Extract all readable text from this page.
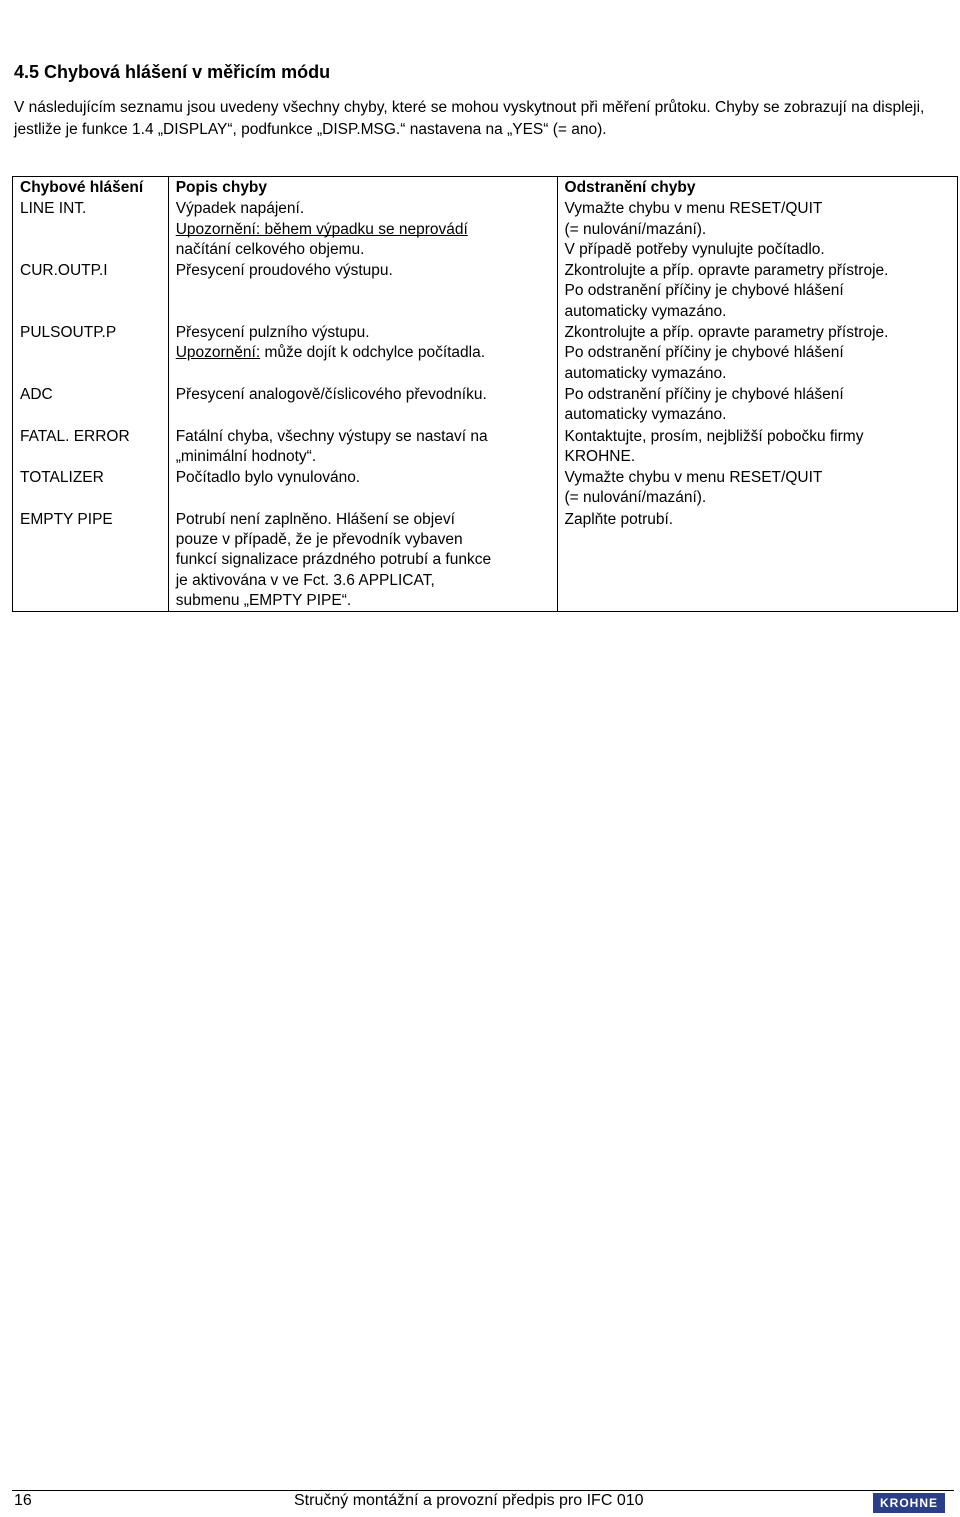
4.5 Chybová hlášení v měřicím módu

V následujícím seznamu jsou uvedeny všechny chyby, které se mohou vyskytnout při měření průtoku. Chyby se zobrazují na displeji, jestliže je funkce 1.4 „DISPLAY“, podfunkce „DISP.MSG.“ nastavena na „YES“ (= ano).

Chybové hlášení	Popis chyby	Odstranění chyby
LINE INT.	Výpadek napájení.
Upozornění: během výpadku se neprovádí
načítání celkového objemu.	Vymažte chybu v menu RESET/QUIT
(= nulování/mazání).
V případě potřeby vynulujte počítadlo.

CUR.OUTP.I	Přesycení proudového výstupu.	Zkontrolujte a příp. opravte parametry přístroje.
Po odstranění příčiny je chybové hlášení
automaticky vymazáno.

PULSOUTP.P	Přesycení pulzního výstupu.
Upozornění: může dojít k odchylce počítadla.	Zkontrolujte a příp. opravte parametry přístroje.
Po odstranění příčiny je chybové hlášení
automaticky vymazáno.

ADC	Přesycení analogově/číslicového převodníku.	Po odstranění příčiny je chybové hlášení
automaticky vymazáno.

FATAL. ERROR	Fatální chyba, všechny výstupy se nastaví na
„minimální hodnoty“.	Kontaktujte, prosím, nejbližší pobočku firmy
KROHNE.

TOTALIZER	Počítadlo bylo vynulováno.	Vymažte chybu v menu RESET/QUIT
(= nulování/mazání).

EMPTY PIPE	Potrubí není zaplněno. Hlášení se objeví
pouze v případě, že je převodník vybaven
funkcí signalizace prázdného potrubí a funkce
je aktivována v ve Fct. 3.6 APPLICAT,
submenu „EMPTY PIPE“.	Zaplňte potrubí.
16	Stručný montážní a provozní předpis pro IFC 010	KROHNE
